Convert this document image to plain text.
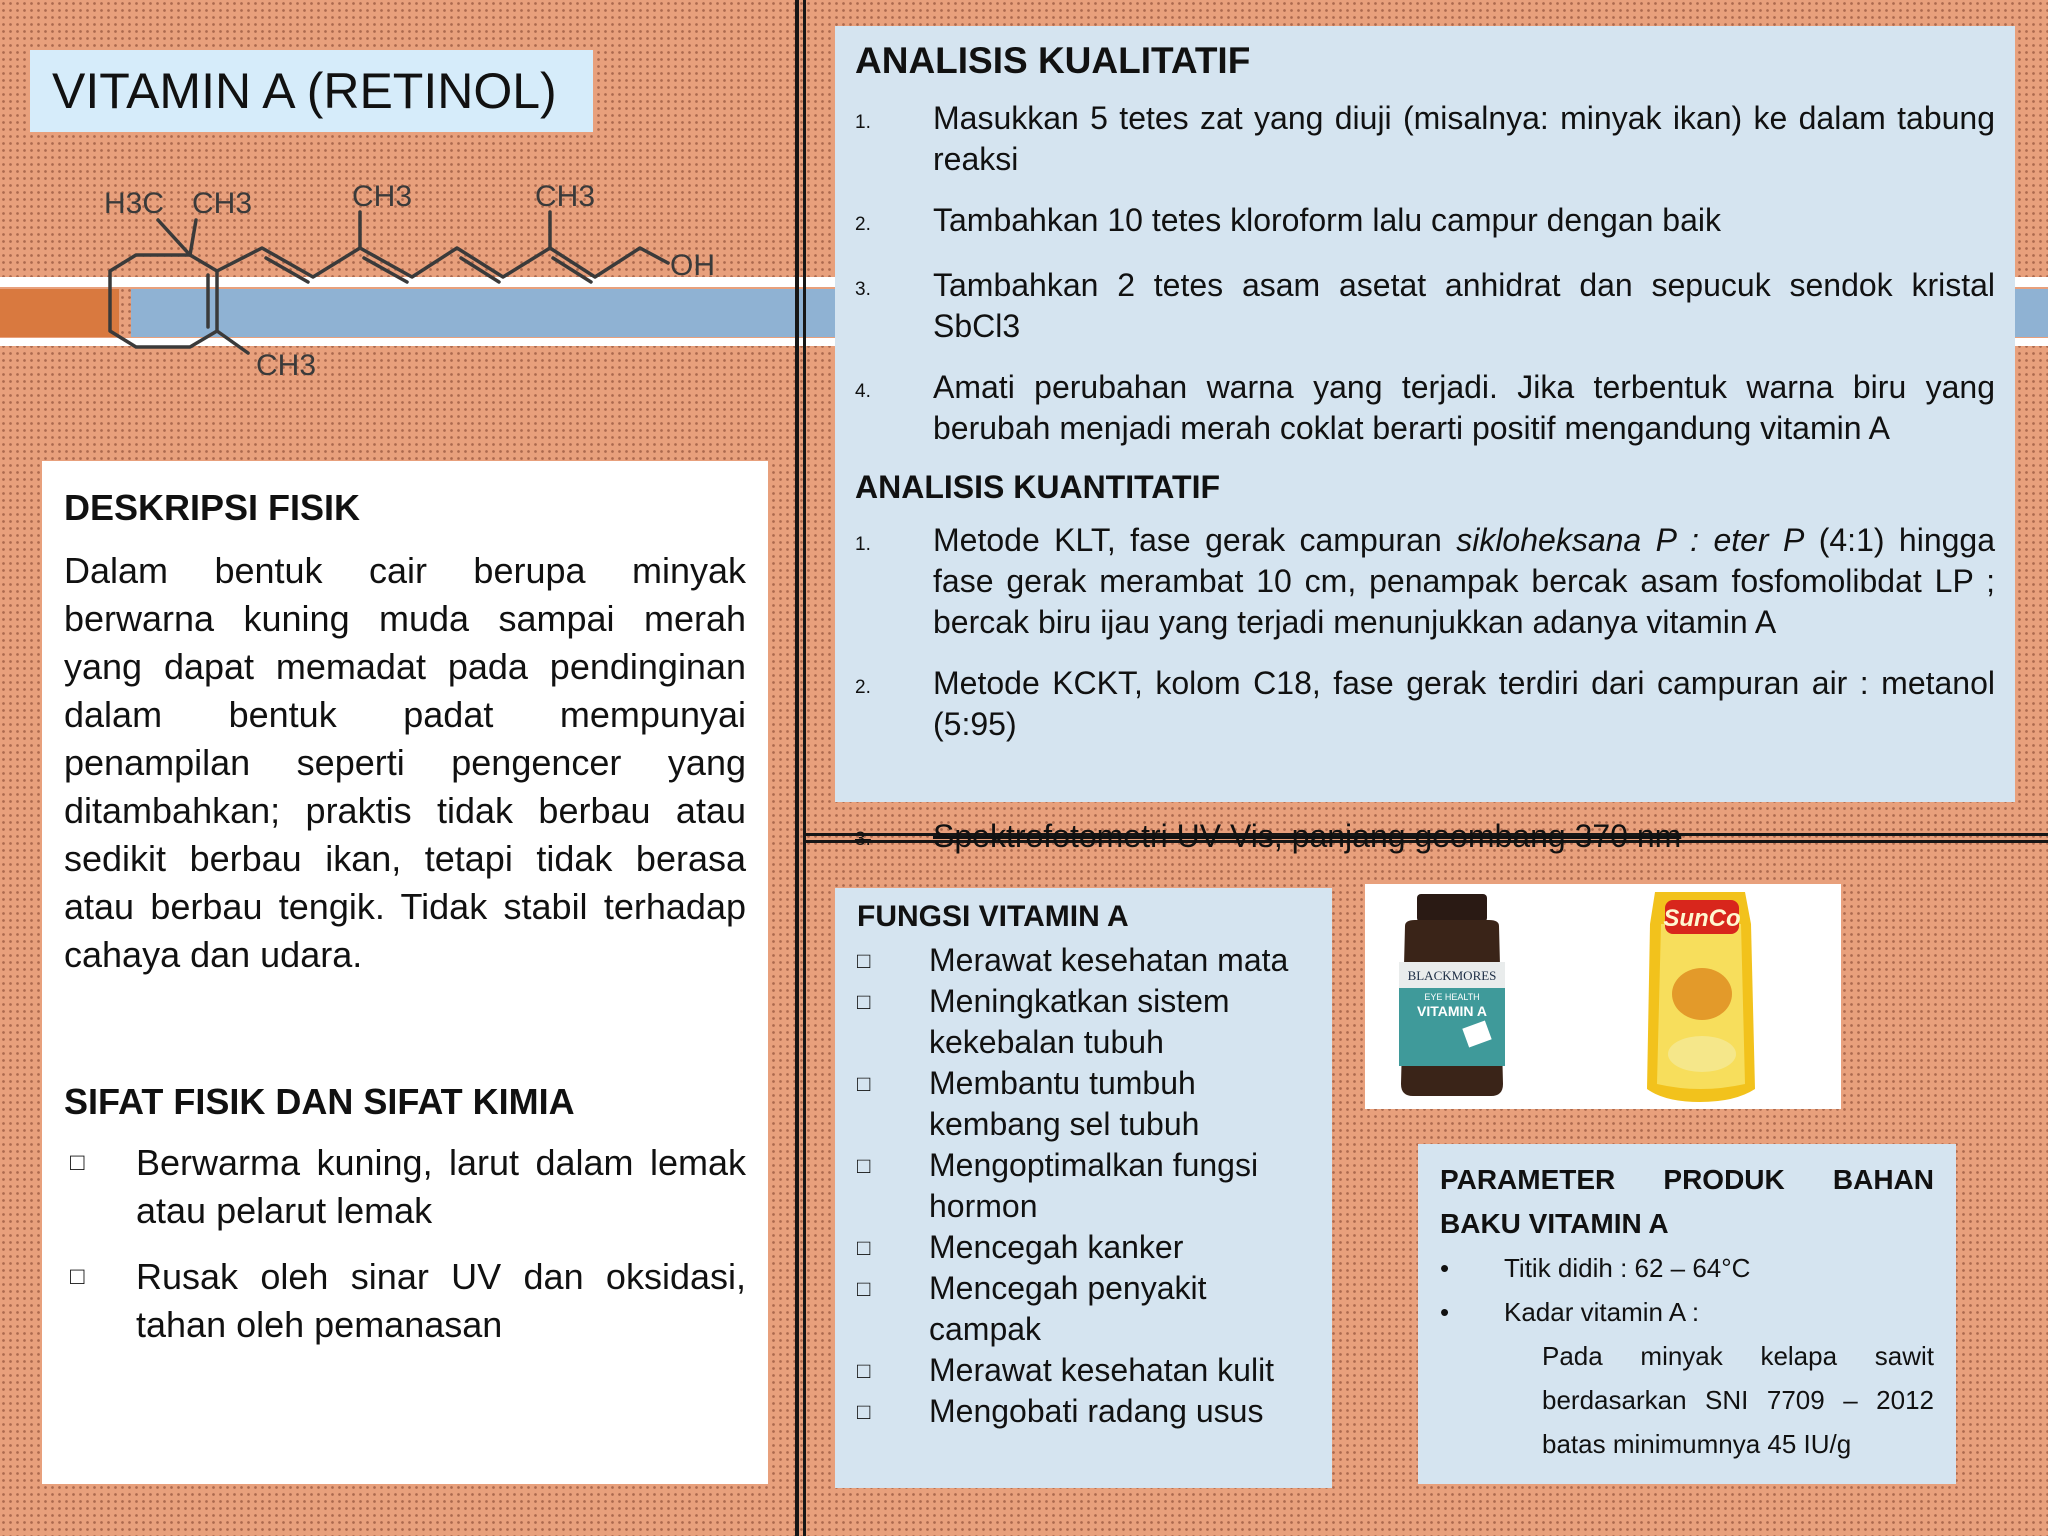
VITAMIN A (RETINOL)
H3C CH3	CH3	CH3
OH
CH3
DESKRIPSI FISIK

Dalam bentuk cair berupa minyak berwarna kuning muda sampai merah yang dapat memadat pada pendinginan dalam bentuk padat mempunyai penampilan seperti pengencer yang ditambahkan; praktis tidak berbau atau sedikit berbau ikan, tetapi tidak berasa atau berbau tengik. Tidak stabil terhadap cahaya dan udara.

SIFAT FISIK DAN SIFAT KIMIA
□	Berwarma kuning, larut dalam lemak atau pelarut lemak
□	Rusak oleh sinar UV dan oksidasi, tahan oleh pemanasan
ANALISIS KUALITATIF
1.	Masukkan 5 tetes zat yang diuji (misalnya: minyak ikan) ke dalam tabung reaksi
2.	Tambahkan 10 tetes kloroform lalu campur dengan baik
3.	Tambahkan 2 tetes asam asetat anhidrat dan sepucuk sendok kristal SbCl3
4.	Amati perubahan warna yang terjadi. Jika terbentuk warna biru yang berubah menjadi merah coklat berarti positif mengandung vitamin A
ANALISIS KUANTITATIF
1.	Metode KLT, fase gerak campuran sikloheksana P : eter P (4:1) hingga fase gerak merambat 10 cm, penampak bercak asam fosfomolibdat LP ; bercak biru ijau yang terjadi menunjukkan adanya vitamin A
2.	Metode KCKT, kolom C18, fase gerak terdiri dari campuran air : metanol (5:95)
3.	Spektrofotometri UV Vis, panjang geombang 370 nm
FUNGSI VITAMIN A
□	Merawat kesehatan mata
□	Meningkatkan sistem kekebalan tubuh
□	Membantu tumbuh kembang sel tubuh
□	Mengoptimalkan fungsi hormon
□	Mencegah kanker
□	Mencegah penyakit campak
□	Merawat kesehatan kulit
□	Mengobati radang usus
BLACKMORES
EYE HEALTH
VITAMIN A
SunCo
PARAMETER PRODUK BAHAN
BAKU VITAMIN A
•	Titik didih : 62 – 64°C
•	Kadar vitamin A :

Pada minyak kelapa sawit berdasarkan SNI 7709 – 2012 batas minimumnya 45 IU/g
